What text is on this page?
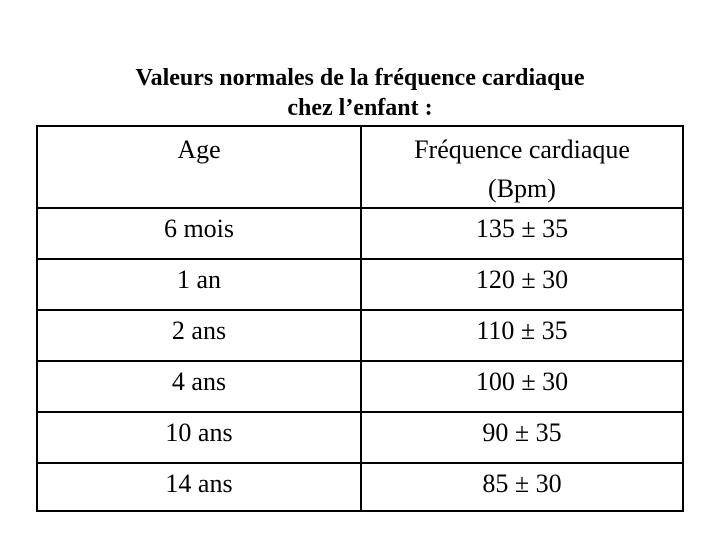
Valeurs normales de la fréquence cardiaque
chez l’enfant :
Age	Fréquence cardiaque
(Bpm)
6 mois	135 ± 35
1 an	120 ± 30
2 ans	110 ± 35
4 ans	100 ± 30
10 ans	90 ± 35
14 ans	85 ± 30
